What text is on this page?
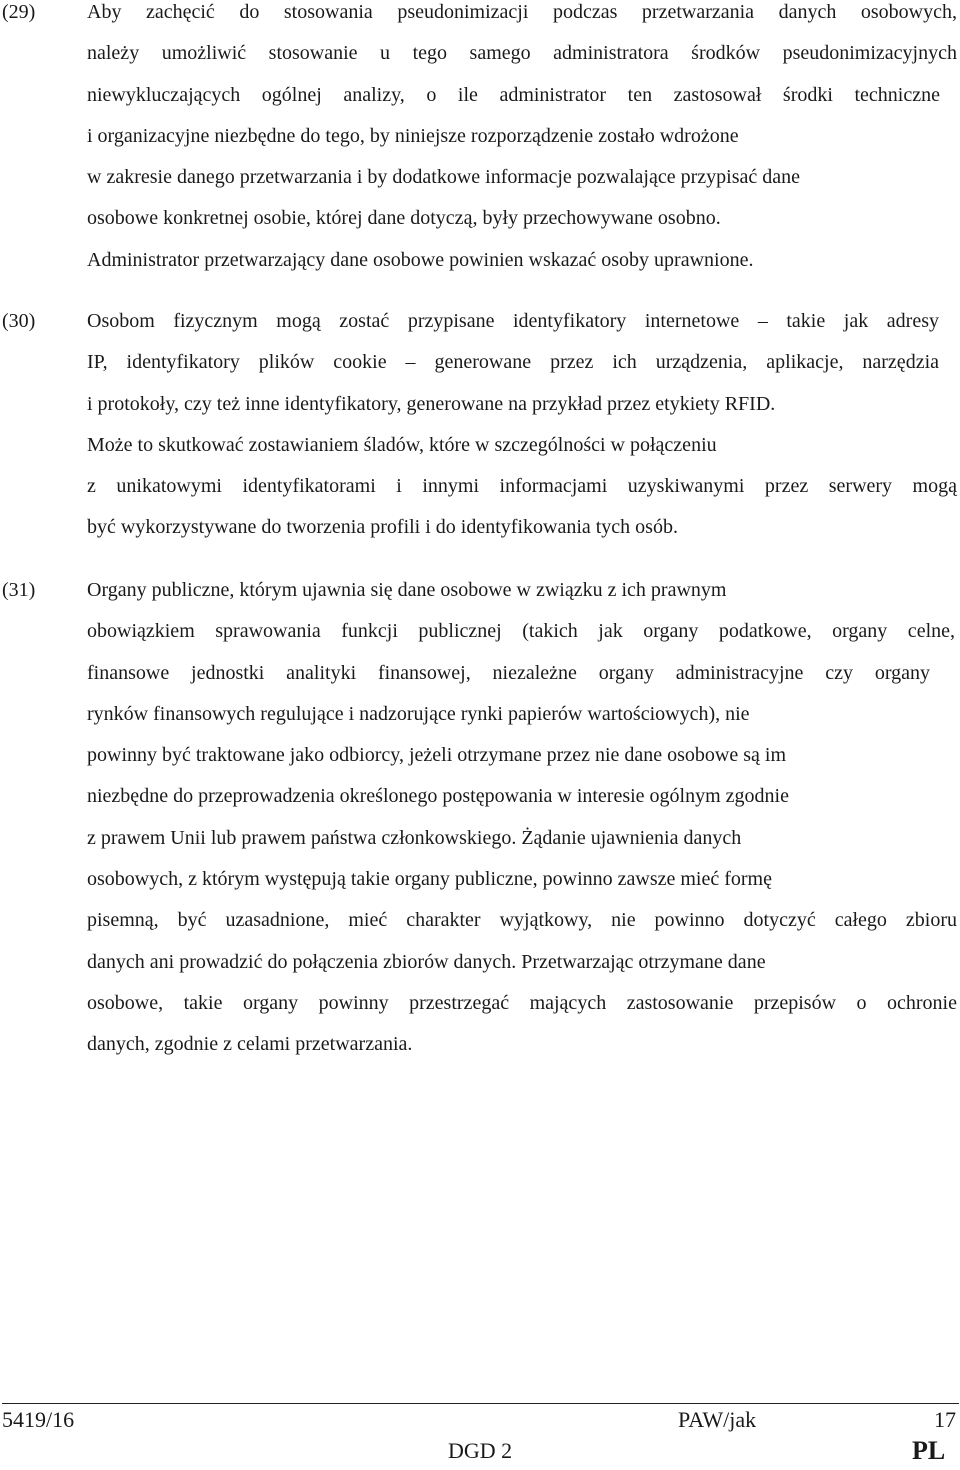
(29)	Aby zachęcić do stosowania pseudonimizacji podczas przetwarzania danych osobowych,
należy umożliwić stosowanie u tego samego administratora środków pseudonimizacyjnych
niewykluczających ogólnej analizy, o ile administrator ten zastosował środki techniczne
i organizacyjne niezbędne do tego, by niniejsze rozporządzenie zostało wdrożone
w zakresie danego przetwarzania i by dodatkowe informacje pozwalające przypisać dane
osobowe konkretnej osobie, której dane dotyczą, były przechowywane osobno.
Administrator przetwarzający dane osobowe powinien wskazać osoby uprawnione.
(30)	Osobom fizycznym mogą zostać przypisane identyfikatory internetowe – takie jak adresy
IP, identyfikatory plików cookie – generowane przez ich urządzenia, aplikacje, narzędzia
i protokoły, czy też inne identyfikatory, generowane na przykład przez etykiety RFID.
Może to skutkować zostawianiem śladów, które w szczególności w połączeniu
z unikatowymi identyfikatorami i innymi informacjami uzyskiwanymi przez serwery mogą
być wykorzystywane do tworzenia profili i do identyfikowania tych osób.
(31)	Organy publiczne, którym ujawnia się dane osobowe w związku z ich prawnym
obowiązkiem sprawowania funkcji publicznej (takich jak organy podatkowe, organy celne,
finansowe jednostki analityki finansowej, niezależne organy administracyjne czy organy
rynków finansowych regulujące i nadzorujące rynki papierów wartościowych), nie
powinny być traktowane jako odbiorcy, jeżeli otrzymane przez nie dane osobowe są im
niezbędne do przeprowadzenia określonego postępowania w interesie ogólnym zgodnie
z prawem Unii lub prawem państwa członkowskiego. Żądanie ujawnienia danych
osobowych, z którym występują takie organy publiczne, powinno zawsze mieć formę
pisemną, być uzasadnione, mieć charakter wyjątkowy, nie powinno dotyczyć całego zbioru
danych ani prowadzić do połączenia zbiorów danych. Przetwarzając otrzymane dane
osobowe, takie organy powinny przestrzegać mających zastosowanie przepisów o ochronie
danych, zgodnie z celami przetwarzania.
5419/16	PAW/jak	17
DGD 2	PL
